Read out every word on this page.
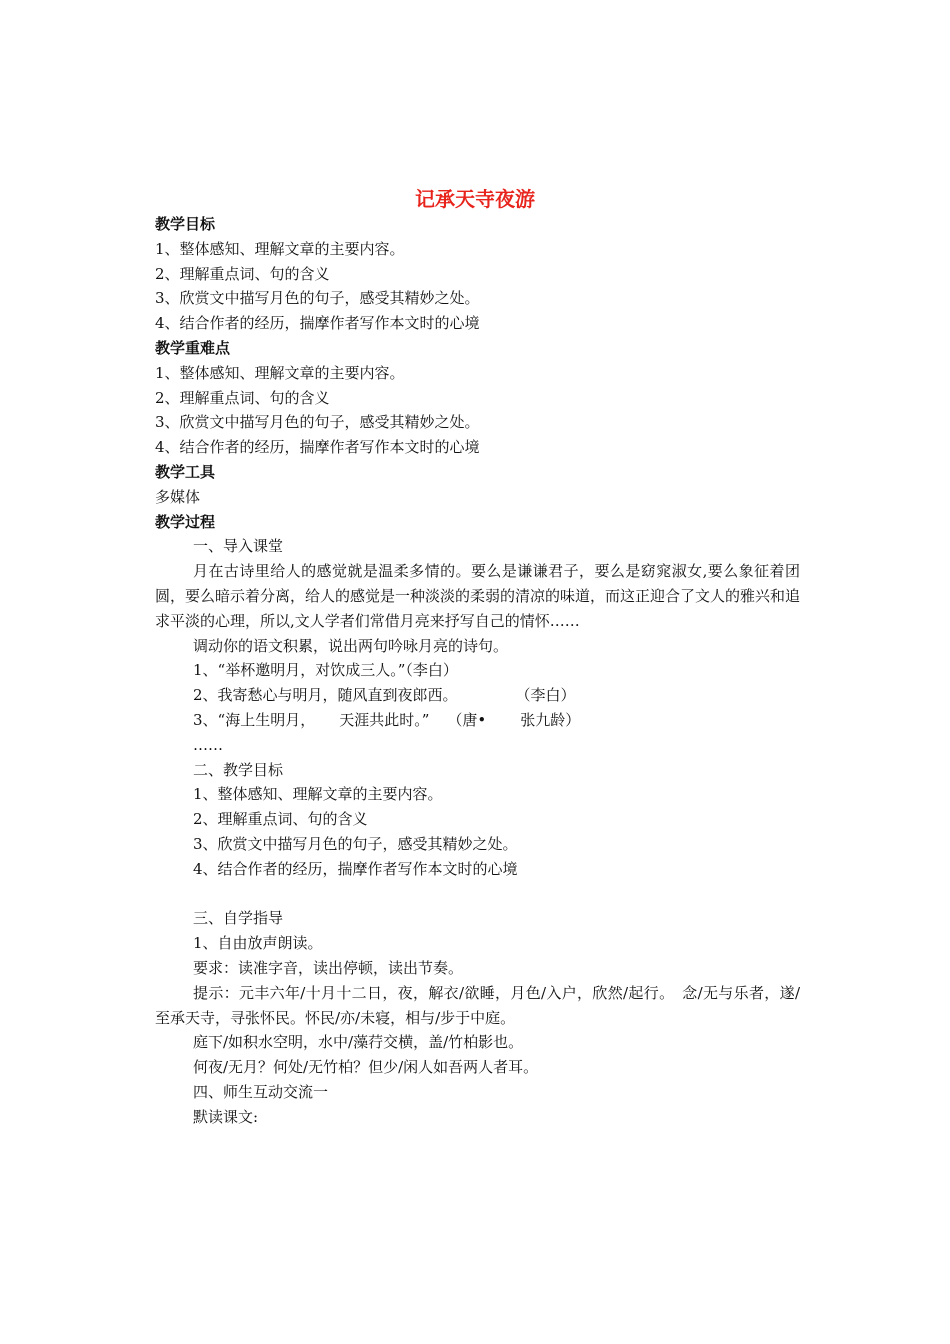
记承天寺夜游
教学目标
1、整体感知、理解文章的主要内容。
2、理解重点词、句的含义
3、欣赏文中描写月色的句子，感受其精妙之处。
4、结合作者的经历，揣摩作者写作本文时的心境
教学重难点
1、整体感知、理解文章的主要内容。
2、理解重点词、句的含义
3、欣赏文中描写月色的句子，感受其精妙之处。
4、结合作者的经历，揣摩作者写作本文时的心境
教学工具
多媒体
教学过程
一、导入课堂
月在古诗里给人的感觉就是温柔多情的。要么是谦谦君子，要么是窈窕淑女,要么象征着团圆，要么暗示着分离，给人的感觉是一种淡淡的柔弱的清凉的味道，而这正迎合了文人的雅兴和追求平淡的心理，所以,文人学者们常借月亮来抒写自己的情怀……
调动你的语文积累，说出两句吟咏月亮的诗句。
1、“举杯邀明月，对饮成三人。”（李白）
2、我寄愁心与明月，随风直到夜郎西。	（李白）
3、“海上生明月， 天涯共此时。” （唐• 张九龄）
……
二、教学目标
1、整体感知、理解文章的主要内容。
2、理解重点词、句的含义
3、欣赏文中描写月色的句子，感受其精妙之处。
4、结合作者的经历，揣摩作者写作本文时的心境
三、自学指导
1、自由放声朗读。
要求：读准字音，读出停顿，读出节奏。
提示：元丰六年/十月十二日，夜，解衣/欲睡，月色/入户，欣然/起行。　念/无与乐者，遂/至承天寺，寻张怀民。怀民/亦/未寝，相与/步于中庭。
庭下/如积水空明，水中/藻荇交横，盖/竹柏影也。
何夜/无月？何处/无竹柏？但少/闲人如吾两人者耳。
四、师生互动交流一
默读课文:
